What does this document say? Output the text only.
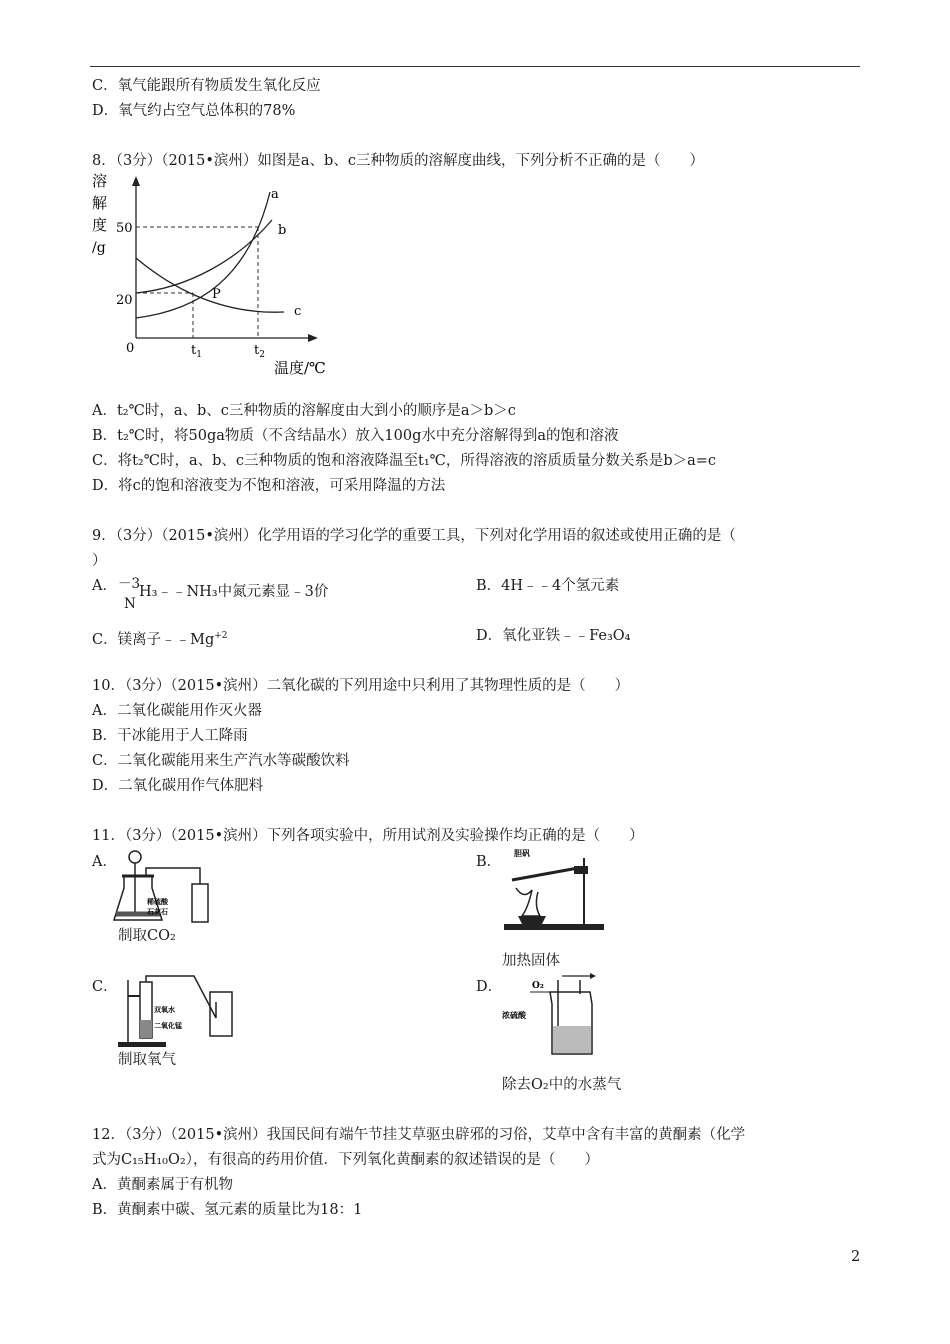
C．氧气能跟所有物质发生氧化反应
D．氧气约占空气总体积的78%
8．（3分）（2015•滨州）如图是a、b、c三种物质的溶解度曲线，下列分析不正确的是（　　）
溶
解
度
/g
50
20
0	$t_1$	$t_2$
温度/℃
a
b
c
P
A．t₂℃时，a、b、c三种物质的溶解度由大到小的顺序是a＞b＞c
B．t₂℃时，将50ga物质（不含结晶水）放入100g水中充分溶解得到a的饱和溶液
C．将t₂℃时，a、b、c三种物质的饱和溶液降温至t₁℃，所得溶液的溶质质量分数关系是b＞a=c
D．将c的饱和溶液变为不饱和溶液，可采用降温的方法
9．（3分）（2015•滨州）化学用语的学习化学的重要工具，下列对化学用语的叙述或使用正确的是（
）
A． －3
N
H₃﹣﹣NH₃中氮元素显﹣3价	B．4H﹣﹣4个氢元素
C．镁离子$﹣﹣Mg^{+2}$	D．氧化亚铁﹣﹣Fe₃O₄
10．（3分）（2015•滨州）二氧化碳的下列用途中只利用了其物理性质的是（　　）
A．二氧化碳能用作灭火器
B．干冰能用于人工降雨
C．二氧化碳能用来生产汽水等碳酸饮料
D．二氧化碳用作气体肥料
11．（3分）（2015•滨州）下列各项实验中，所用试剂及实验操作均正确的是（　　）
A．
稀硫酸
石灰石
制取CO₂
B．
胆矾
加热固体
C．
双氧水
二氧化锰
制取氧气
D．	O₂
浓硫酸
除去O₂中的水蒸气
12．（3分）（2015•滨州）我国民间有端午节挂艾草驱虫辟邪的习俗，艾草中含有丰富的黄酮素（化学
式为C₁₅H₁₀O₂），有很高的药用价值．下列氧化黄酮素的叙述错误的是（　　）
A．黄酮素属于有机物
B．黄酮素中碳、氢元素的质量比为18：1
2
